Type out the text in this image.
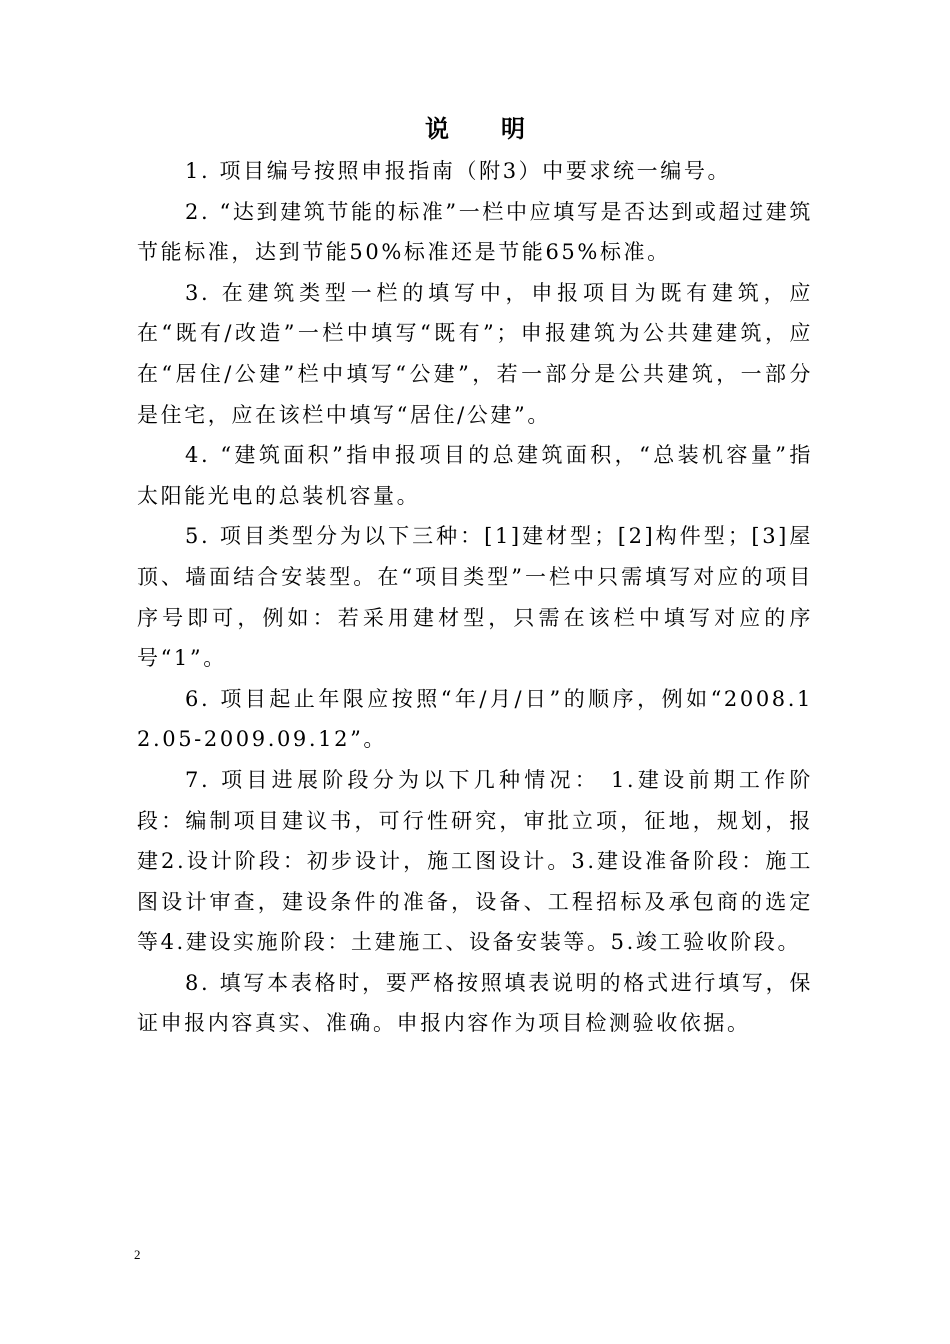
说明

1. 项目编号按照申报指南（附3）中要求统一编号。

2. “达到建筑节能的标准”一栏中应填写是否达到或超过建筑节能标准，达到节能50%标准还是节能65%标准。

3. 在建筑类型一栏的填写中，申报项目为既有建筑，应在“既有/改造”一栏中填写“既有”；申报建筑为公共建建筑，应在“居住/公建”栏中填写“公建”，若一部分是公共建筑，一部分是住宅，应在该栏中填写“居住/公建”。

4. “建筑面积”指申报项目的总建筑面积，“总装机容量”指太阳能光电的总装机容量。

5. 项目类型分为以下三种：[1]建材型；[2]构件型；[3]屋顶、墙面结合安装型。在“项目类型”一栏中只需填写对应的项目序号即可，例如：若采用建材型，只需在该栏中填写对应的序号“1”。

6. 项目起止年限应按照“年/月/日”的顺序，例如“2008.12.05-2009.09.12”。

7. 项目进展阶段分为以下几种情况： 1.建设前期工作阶段：编制项目建议书，可行性研究，审批立项，征地，规划，报建2.设计阶段：初步设计，施工图设计。3.建设准备阶段：施工图设计审查，建设条件的准备，设备、工程招标及承包商的选定等4.建设实施阶段：土建施工、设备安装等。5.竣工验收阶段。

8. 填写本表格时，要严格按照填表说明的格式进行填写，保证申报内容真实、准确。申报内容作为项目检测验收依据。

2
